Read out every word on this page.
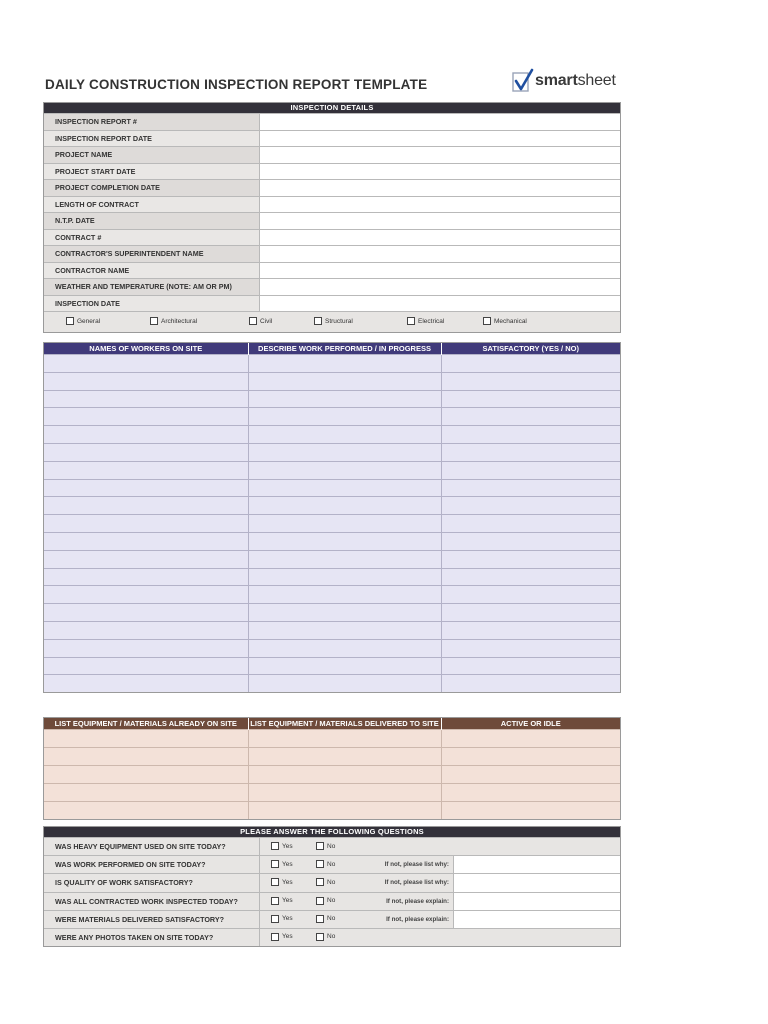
DAILY CONSTRUCTION INSPECTION REPORT TEMPLATE	smartsheet
INSPECTION DETAILS
INSPECTION REPORT #	
INSPECTION REPORT DATE	
PROJECT NAME	
PROJECT START DATE	
PROJECT COMPLETION DATE	
LENGTH OF CONTRACT	
N.T.P. DATE	
CONTRACT #	
CONTRACTOR'S SUPERINTENDENT NAME	
CONTRACTOR NAME	
WEATHER AND TEMPERATURE (NOTE: AM OR PM)	
INSPECTION DATE	
General	Architectural	Civil	Structural	Electrical	Mechanical
NAMES OF WORKERS ON SITE	DESCRIBE WORK PERFORMED / IN PROGRESS	SATISFACTORY (YES / NO)

LIST EQUIPMENT / MATERIALS ALREADY ON SITE	LIST EQUIPMENT / MATERIALS DELIVERED TO SITE	ACTIVE OR IDLE

PLEASE ANSWER THE FOLLOWING QUESTIONS
WAS HEAVY EQUIPMENT USED ON SITE TODAY?	Yes No

WAS WORK PERFORMED ON SITE TODAY?	Yes No If not, please list why:

IS QUALITY OF WORK SATISFACTORY?	Yes No If not, please list why:

WAS ALL CONTRACTED WORK INSPECTED TODAY?	Yes No If not, please explain:

WERE MATERIALS DELIVERED SATISFACTORY?	Yes No If not, please explain:

WERE ANY PHOTOS TAKEN ON SITE TODAY?	Yes No
